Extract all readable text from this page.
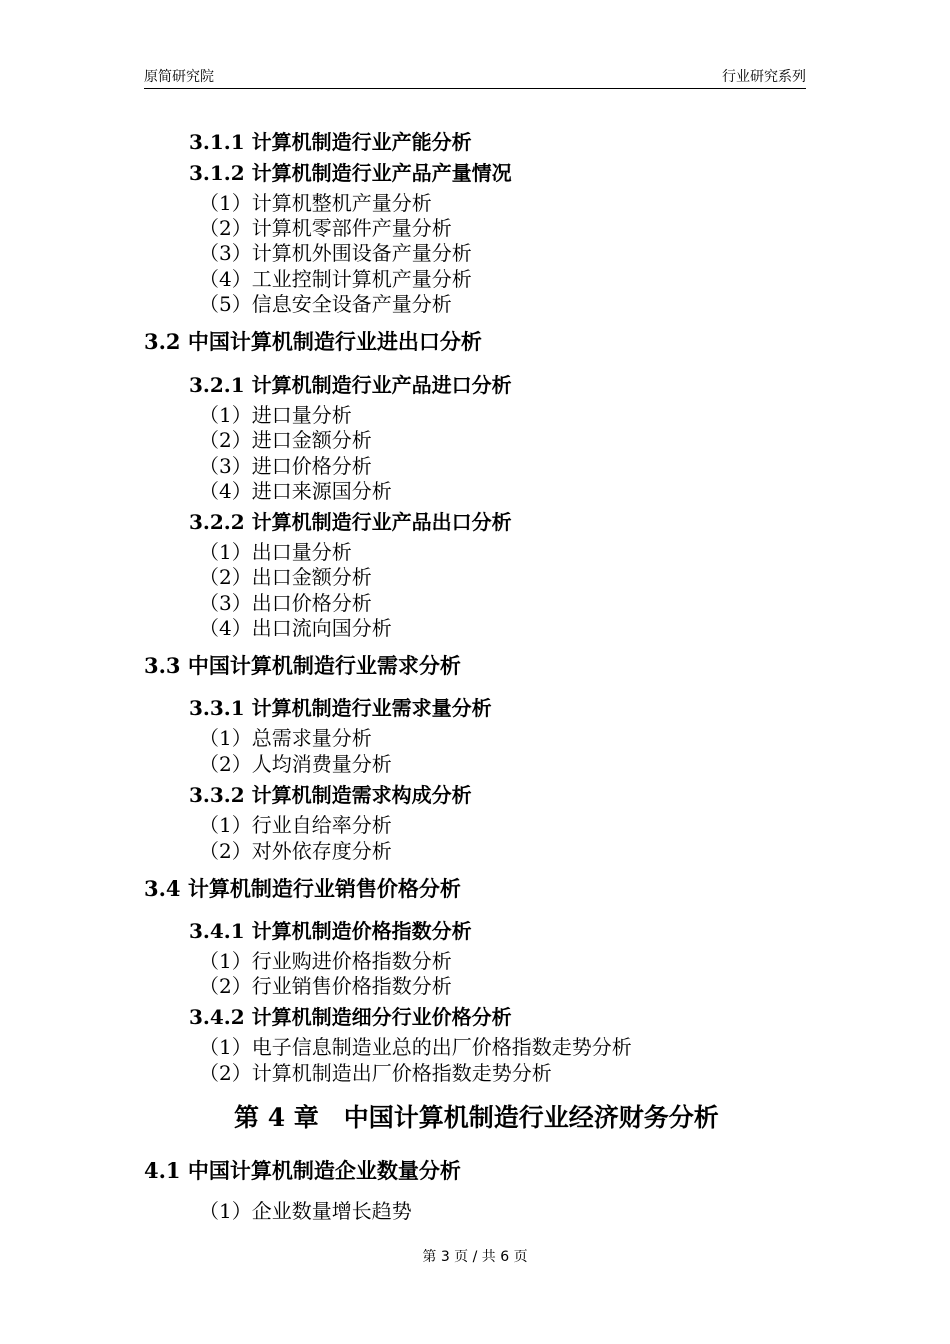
原简研究院	行业研究系列
3.1.1 计算机制造行业产能分析
3.1.2 计算机制造行业产品产量情况
（1）计算机整机产量分析
（2）计算机零部件产量分析
（3）计算机外围设备产量分析
（4）工业控制计算机产量分析
（5）信息安全设备产量分析
3.2 中国计算机制造行业进出口分析
3.2.1 计算机制造行业产品进口分析
（1）进口量分析
（2）进口金额分析
（3）进口价格分析
（4）进口来源国分析
3.2.2 计算机制造行业产品出口分析
（1）出口量分析
（2）出口金额分析
（3）出口价格分析
（4）出口流向国分析
3.3 中国计算机制造行业需求分析
3.3.1 计算机制造行业需求量分析
（1）总需求量分析
（2）人均消费量分析
3.3.2 计算机制造需求构成分析
（1）行业自给率分析
（2）对外依存度分析
3.4 计算机制造行业销售价格分析
3.4.1 计算机制造价格指数分析
（1）行业购进价格指数分析
（2）行业销售价格指数分析
3.4.2 计算机制造细分行业价格分析
（1）电子信息制造业总的出厂价格指数走势分析
（2）计算机制造出厂价格指数走势分析
第 4 章　中国计算机制造行业经济财务分析
4.1 中国计算机制造企业数量分析
（1）企业数量增长趋势
第 3 页 / 共 6 页
